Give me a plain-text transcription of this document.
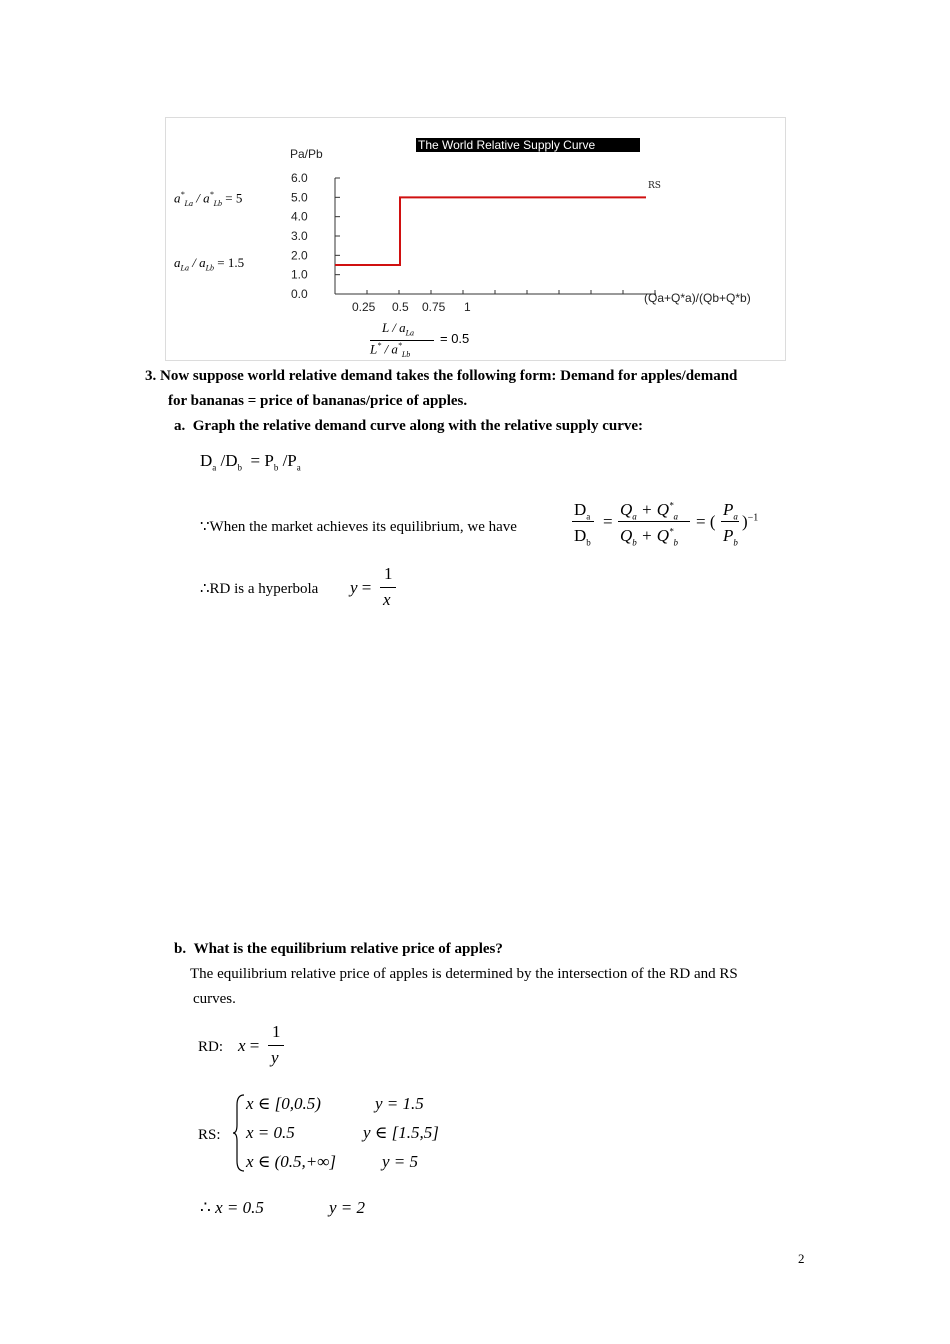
The World Relative Supply Curve
Pa/Pb
6.0
5.0
4.0
3.0
2.0
1.0
0.0
0.25 0.5 0.75 1
RS
(Qa+Q*a)/(Qb+Q*b)
$a^*_{La} / a^*_{Lb} = 5$
$a_{La} / a_{Lb} = 1.5$
L / $a_{La}$
$L^* / a^*_{Lb}$
= 0.5
3. Now suppose world relative demand takes the following form: Demand for apples/demand
for bananas = price of bananas/price of apples.
a.  Graph the relative demand curve along with the relative supply curve:
$D_a$ $/D_b = P_b$ $/P_a$
∵When the market achieves its equilibrium, we have
$D_a$
$D_b$
=
$Q_a + Q^*_a$
$Q_b + Q^*_b$
= (
$P_a$
$P_b$
)$^{-1}$
∴RD is a hyperbola y =
1
x
b.  What is the equilibrium relative price of apples?
The equilibrium relative price of apples is determined by the intersection of the RD and RS
curves.
RD: x =
1
y
RS:
x ∈ [0,0.5)	y = 1.5
x = 0.5	y ∈ [1.5,5]
x ∈ (0.5,+∞]	y = 5
∴ x = 0.5	y = 2
2
